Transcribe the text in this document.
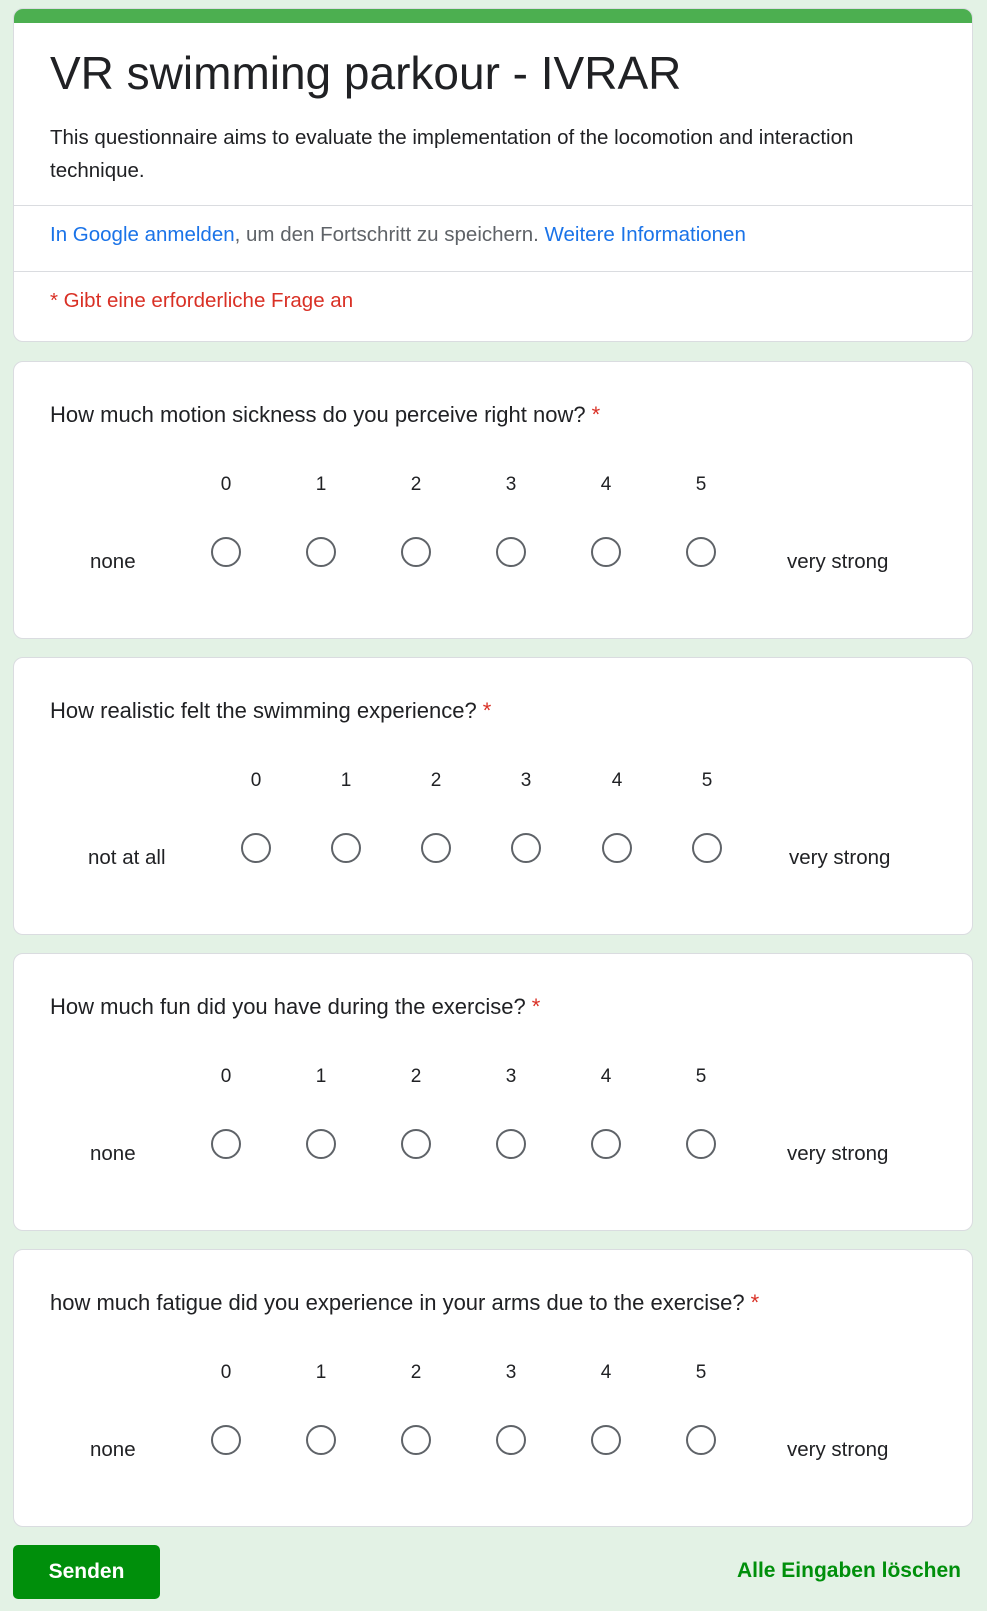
VR swimming parkour - IVRAR
This questionnaire aims to evaluate the implementation of the locomotion and interaction technique.
In Google anmelden, um den Fortschritt zu speichern. Weitere Informationen
* Gibt eine erforderliche Frage an
How much motion sickness do you perceive right now? *
none
0	1	2	3	4	5
very strong
How realistic felt the swimming experience? *
not at all
0	1	2	3	4	5
very strong
How much fun did you have during the exercise? *
none
0	1	2	3	4	5
very strong
how much fatigue did you experience in your arms due to the exercise? *
none
0	1	2	3	4	5
very strong
Senden	Alle Eingaben löschen
